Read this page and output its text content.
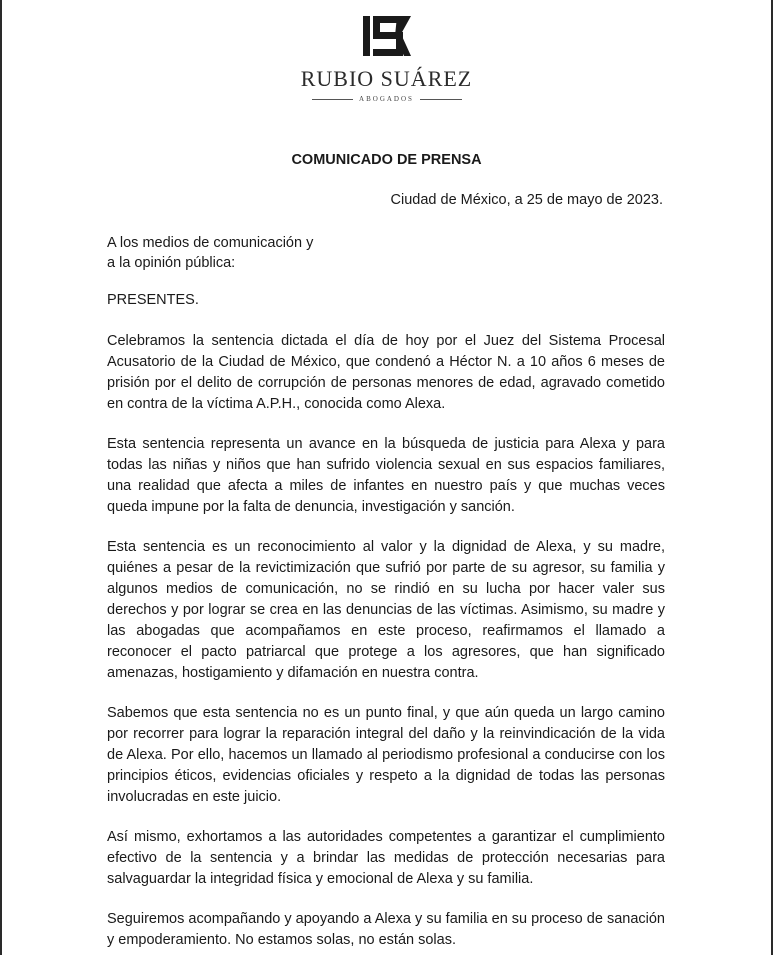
RUBIO SUÁREZ
ABOGADOS
COMUNICADO DE PRENSA
Ciudad de México, a 25 de mayo de 2023.
A los medios de comunicación y
a la opinión pública:
PRESENTES.

Celebramos la sentencia dictada el día de hoy por el Juez del Sistema Procesal Acusatorio de la Ciudad de México, que condenó a Héctor N. a 10 años 6 meses de prisión por el delito de corrupción de personas menores de edad, agravado cometido en contra de la víctima A.P.H., conocida como Alexa.

Esta sentencia representa un avance en la búsqueda de justicia para Alexa y para todas las niñas y niños que han sufrido violencia sexual en sus espacios familiares, una realidad que afecta a miles de infantes en nuestro país y que muchas veces queda impune por la falta de denuncia, investigación y sanción.

Esta sentencia es un reconocimiento al valor y la dignidad de Alexa, y su madre, quiénes a pesar de la revictimización que sufrió por parte de su agresor, su familia y algunos medios de comunicación, no se rindió en su lucha por hacer valer sus derechos y por lograr se crea en las denuncias de las víctimas. Asimismo, su madre y las abogadas que acompañamos en este proceso, reafirmamos el llamado a reconocer el pacto patriarcal que protege a los agresores, que han significado amenazas, hostigamiento y difamación en nuestra contra.

Sabemos que esta sentencia no es un punto final, y que aún queda un largo camino por recorrer para lograr la reparación integral del daño y la reinvindicación de la vida de Alexa. Por ello, hacemos un llamado al periodismo profesional a conducirse con los principios éticos, evidencias oficiales y respeto a la dignidad de todas las personas involucradas en este juicio.

Así mismo, exhortamos a las autoridades competentes a garantizar el cumplimiento efectivo de la sentencia y a brindar las medidas de protección necesarias para salvaguardar la integridad física y emocional de Alexa y su familia.

Seguiremos acompañando y apoyando a Alexa y su familia en su proceso de sanación y empoderamiento. No estamos solas, no están solas.
